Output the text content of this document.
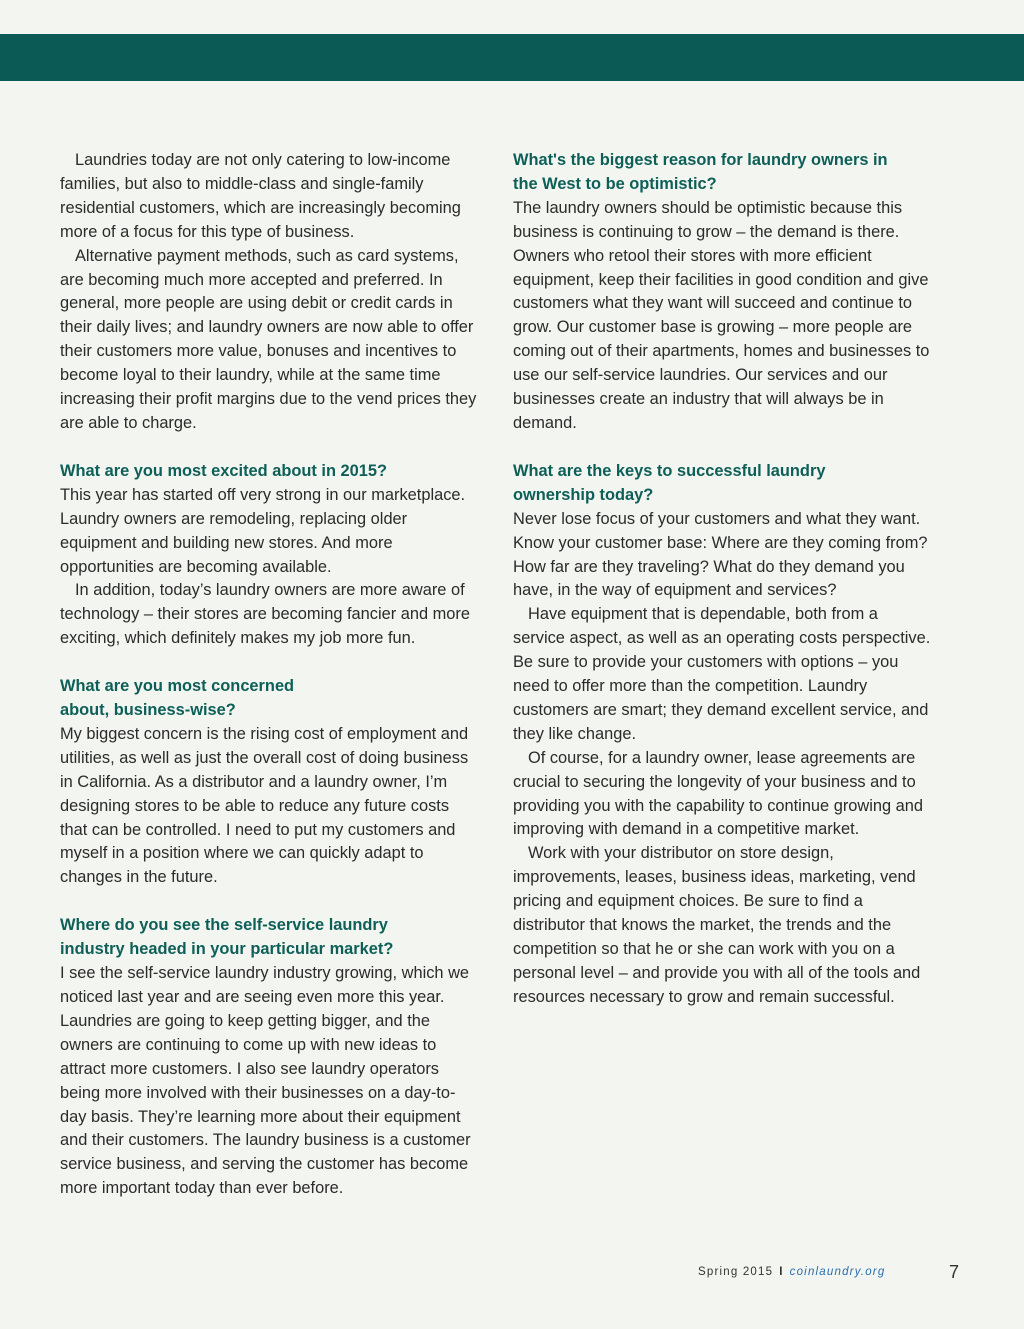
Laundries today are not only catering to low-income families, but also to middle-class and single-family residential customers, which are increasingly becoming more of a focus for this type of business.

Alternative payment methods, such as card systems, are becoming much more accepted and preferred. In general, more people are using debit or credit cards in their daily lives; and laundry owners are now able to offer their customers more value, bonuses and incentives to become loyal to their laundry, while at the same time increasing their profit margins due to the vend prices they are able to charge.

What are you most excited about in 2015?

This year has started off very strong in our marketplace. Laundry owners are remodeling, replacing older equipment and building new stores. And more opportunities are becoming available.

In addition, today’s laundry owners are more aware of technology – their stores are becoming fancier and more exciting, which definitely makes my job more fun.

What are you most concerned
about, business-wise?

My biggest concern is the rising cost of employment and utilities, as well as just the overall cost of doing business in California. As a distributor and a laundry owner, I’m designing stores to be able to reduce any future costs that can be controlled. I need to put my customers and myself in a position where we can quickly adapt to changes in the future.

Where do you see the self-service laundry
industry headed in your particular market?

I see the self-service laundry industry growing, which we noticed last year and are seeing even more this year. Laundries are going to keep getting bigger, and the owners are continuing to come up with new ideas to attract more customers. I also see laundry operators being more involved with their businesses on a day-to-day basis. They’re learning more about their equipment and their customers. The laundry business is a customer service business, and serving the customer has become more important today than ever before.

What's the biggest reason for laundry owners in
the West to be optimistic?

The laundry owners should be optimistic because this business is continuing to grow – the demand is there. Owners who retool their stores with more efficient equipment, keep their facilities in good condition and give customers what they want will succeed and continue to grow. Our customer base is growing – more people are coming out of their apartments, homes and businesses to use our self-service laundries. Our services and our businesses create an industry that will always be in demand.

What are the keys to successful laundry
ownership today?

Never lose focus of your customers and what they want. Know your customer base: Where are they coming from? How far are they traveling? What do they demand you have, in the way of equipment and services?

Have equipment that is dependable, both from a service aspect, as well as an operating costs perspective. Be sure to provide your customers with options – you need to offer more than the competition. Laundry customers are smart; they demand excellent service, and they like change.

Of course, for a laundry owner, lease agreements are crucial to securing the longevity of your business and to providing you with the capability to continue growing and improving with demand in a competitive market.

Work with your distributor on store design, improvements, leases, business ideas, marketing, vend pricing and equipment choices. Be sure to find a distributor that knows the market, the trends and the competition so that he or she can work with you on a personal level – and provide you with all of the tools and resources necessary to grow and remain successful.

Spring 2015 I coinlaundry.org	7
